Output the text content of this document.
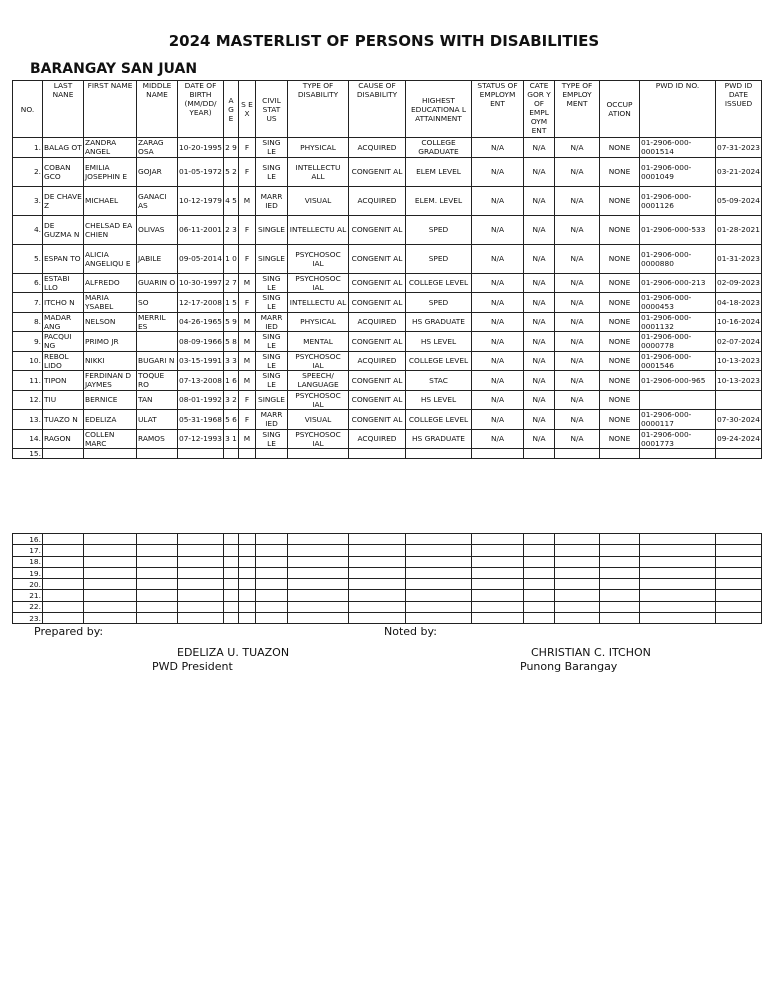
2024 MASTERLIST OF PERSONS WITH DISABILITIES
BARANGAY SAN JUAN
NO.	LAST NANE	FIRST NAME	MIDDLE NAME	DATE OF BIRTH (MM/DD/ YEAR)	A G E	S E X	CIVIL STAT US	TYPE OF DISABILITY	CAUSE OF DISABILITY	HIGHEST EDUCATIONA L ATTAINMENT	STATUS OF EMPLOYM ENT	CATE GOR Y OF EMPL OYM ENT	TYPE OF EMPLOY MENT	OCCUP ATION	PWD ID NO.	PWD ID DATE ISSUED
1.	BALAG OT	ZANDRA ANGEL	ZARAG OSA	10-20-1995	2 9	F	SING LE	PHYSICAL	ACQUIRED	COLLEGE GRADUATE	N/A	N/A	N/A	NONE	01-2906-000-0001514	07-31-2023
2.	COBAN GCO	EMILIA JOSEPHIN E	GOJAR	01-05-1972	5 2	F	SING LE	INTELLECTU ALL	CONGENIT AL	ELEM LEVEL	N/A	N/A	N/A	NONE	01-2906-000-0001049	03-21-2024
3.	DE CHAVE Z	MICHAEL	GANACI AS	10-12-1979	4 5	M	MARR IED	VISUAL	ACQUIRED	ELEM. LEVEL	N/A	N/A	N/A	NONE	01-2906-000-0001126	05-09-2024
4.	DE GUZMA N	CHELSAD EA CHIEN	OLIVAS	06-11-2001	2 3	F	SINGLE	INTELLECTU AL	CONGENIT AL	SPED	N/A	N/A	N/A	NONE	01-2906-000-533	01-28-2021
5.	ESPAN TO	ALICIA ANGELIQU E	JABILE	09-05-2014	1 0	F	SINGLE	PSYCHOSOC IAL	CONGENIT AL	SPED	N/A	N/A	N/A	NONE	01-2906-000-0000880	01-31-2023
6.	ESTABI LLO	ALFREDO	GUARIN O	10-30-1997	2 7	M	SING LE	PSYCHOSOC IAL	CONGENIT AL	COLLEGE LEVEL	N/A	N/A	N/A	NONE	01-2906-000-213	02-09-2023
7.	ITCHO N	MARIA YSABEL	SO	12-17-2008	1 5	F	SING LE	INTELLECTU AL	CONGENIT AL	SPED	N/A	N/A	N/A	NONE	01-2906-000-0000453	04-18-2023
8.	MADAR ANG	NELSON	MERRIL ES	04-26-1965	5 9	M	MARR IED	PHYSICAL	ACQUIRED	HS GRADUATE	N/A	N/A	N/A	NONE	01-2906-000-0001132	10-16-2024
9.	PACQUI NG	PRIMO JR		08-09-1966	5 8	M	SING LE	MENTAL	CONGENIT AL	HS LEVEL	N/A	N/A	N/A	NONE	01-2906-000-0000778	02-07-2024
10.	REBOL LIDO	NIKKI	BUGARI N	03-15-1991	3 3	M	SING LE	PSYCHOSOC IAL	ACQUIRED	COLLEGE LEVEL	N/A	N/A	N/A	NONE	01-2906-000-0001546	10-13-2023
11.	TIPON	FERDINAN D JAYMES	TOQUE RO	07-13-2008	1 6	M	SING LE	SPEECH/ LANGUAGE	CONGENIT AL	STAC	N/A	N/A	N/A	NONE	01-2906-000-965	10-13-2023
12.	TIU	BERNICE	TAN	08-01-1992	3 2	F	SINGLE	PSYCHOSOC IAL	CONGENIT AL	HS LEVEL	N/A	N/A	N/A	NONE		
13.	TUAZO N	EDELIZA	ULAT	05-31-1968	5 6	F	MARR IED	VISUAL	CONGENIT AL	COLLEGE LEVEL	N/A	N/A	N/A	NONE	01-2906-000-0000117	07-30-2024
14.	RAGON	COLLEN MARC	RAMOS	07-12-1993	3 1	M	SING LE	PSYCHOSOC IAL	ACQUIRED	HS GRADUATE	N/A	N/A	N/A	NONE	01-2906-000-0001773	09-24-2024
15.																
16.																
17.																
18.																
19.																
20.																
21.																
22.																
23.																
Prepared by:	Noted by:
EDELIZA U. TUAZON
PWD President
CHRISTIAN C. ITCHON
Punong Barangay
